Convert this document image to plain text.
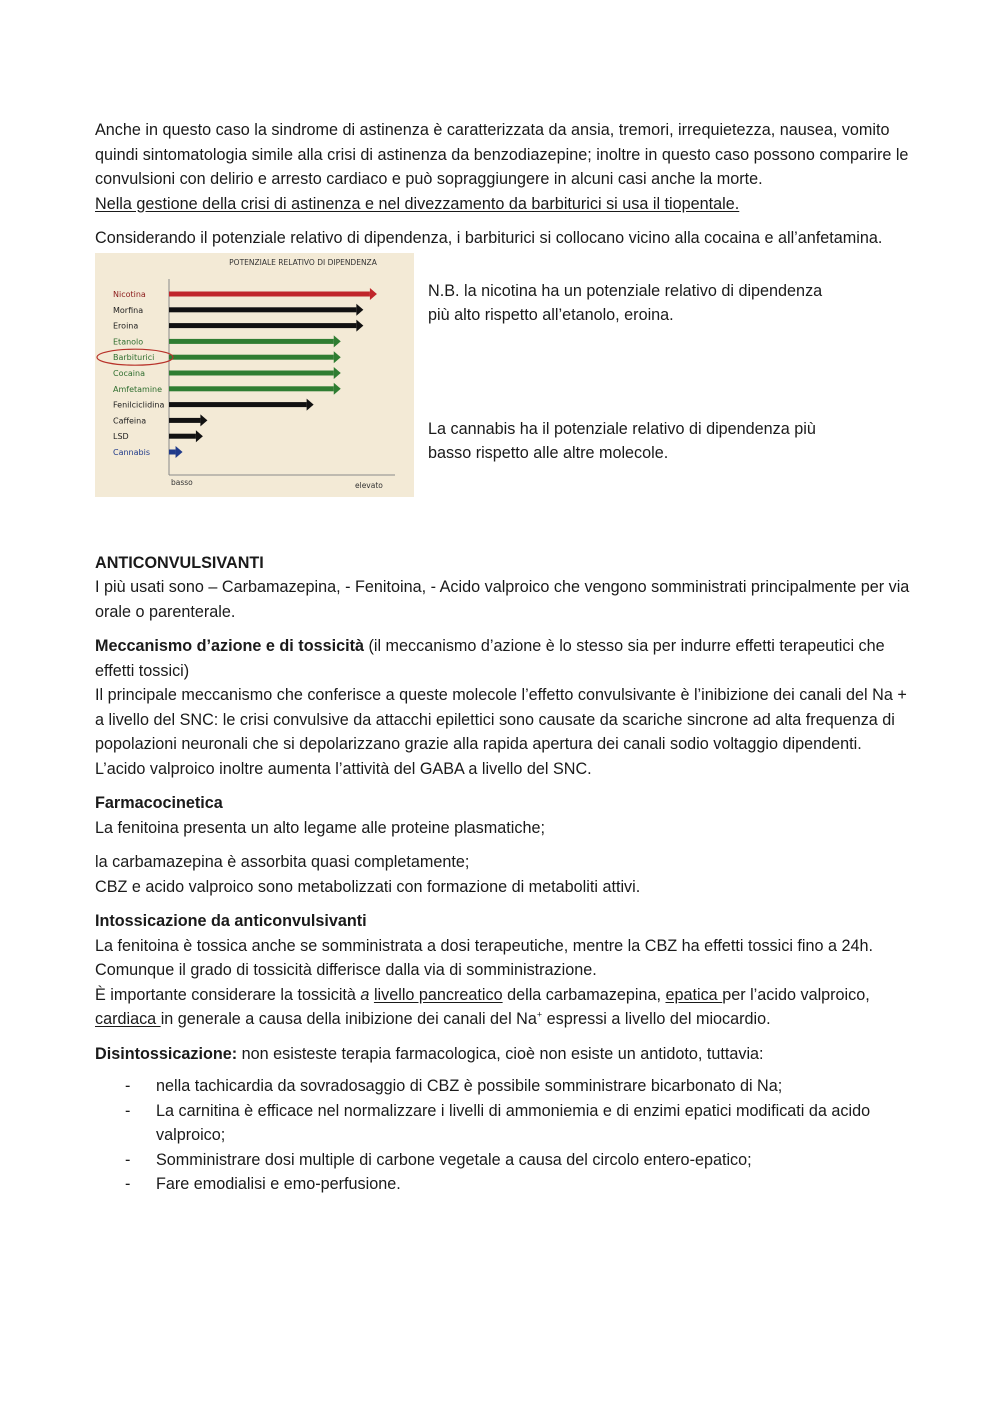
Anche in questo caso la sindrome di astinenza è caratterizzata da ansia, tremori, irrequietezza, nausea, vomito quindi sintomatologia simile alla crisi di astinenza da benzodiazepine; inoltre in questo caso possono comparire le convulsioni con delirio e arresto cardiaco e può sopraggiungere in alcuni casi anche la morte.
Nella gestione della crisi di astinenza e nel divezzamento da barbiturici si usa il tiopentale.

Considerando il potenziale relativo di dipendenza, i barbiturici si collocano vicino alla cocaina e all’anfetamina.

POTENZIALE RELATIVO DI DIPENDENZA
Nicotina
Morfina
Eroina
Etanolo
Barbiturici
Cocaina
Amfetamine
Fenilciclidina
Caffeina
LSD
Cannabis
basso	elevato

N.B. la nicotina ha un potenziale relativo di dipendenza più alto rispetto all’etanolo, eroina.

La cannabis ha il potenziale relativo di dipendenza più basso rispetto alle altre molecole.

ANTICONVULSIVANTI

I più usati sono – Carbamazepina, - Fenitoina, - Acido valproico che vengono somministrati principalmente per via orale o parenterale.

Meccanismo d’azione e di tossicità (il meccanismo d’azione è lo stesso sia per indurre effetti terapeutici che effetti tossici)
Il principale meccanismo che conferisce a queste molecole l’effetto convulsivante è l’inibizione dei canali del Na + a livello del SNC: le crisi convulsive da attacchi epilettici sono causate da scariche sincrone ad alta frequenza di popolazioni neuronali che si depolarizzano grazie alla rapida apertura dei canali sodio voltaggio dipendenti.
L’acido valproico inoltre aumenta l’attività del GABA a livello del SNC.

Farmacocinetica
La fenitoina presenta un alto legame alle proteine plasmatiche;

la carbamazepina è assorbita quasi completamente;
CBZ e acido valproico sono metabolizzati con formazione di metaboliti attivi.

Intossicazione da anticonvulsivanti
La fenitoina è tossica anche se somministrata a dosi terapeutiche, mentre la CBZ ha effetti tossici fino a 24h. Comunque il grado di tossicità differisce dalla via di somministrazione.
È importante considerare la tossicità a livello pancreatico della carbamazepina, epatica per l’acido valproico, cardiaca in generale a causa della inibizione dei canali del Na+ espressi a livello del miocardio.

Disintossicazione: non esisteste terapia farmacologica, cioè non esiste un antidoto, tuttavia:

- nella tachicardia da sovradosaggio di CBZ è possibile somministrare bicarbonato di Na;
- La carnitina è efficace nel normalizzare i livelli di ammoniemia e di enzimi epatici modificati da acido valproico;
- Somministrare dosi multiple di carbone vegetale a causa del circolo entero-epatico;
- Fare emodialisi e emo-perfusione.
